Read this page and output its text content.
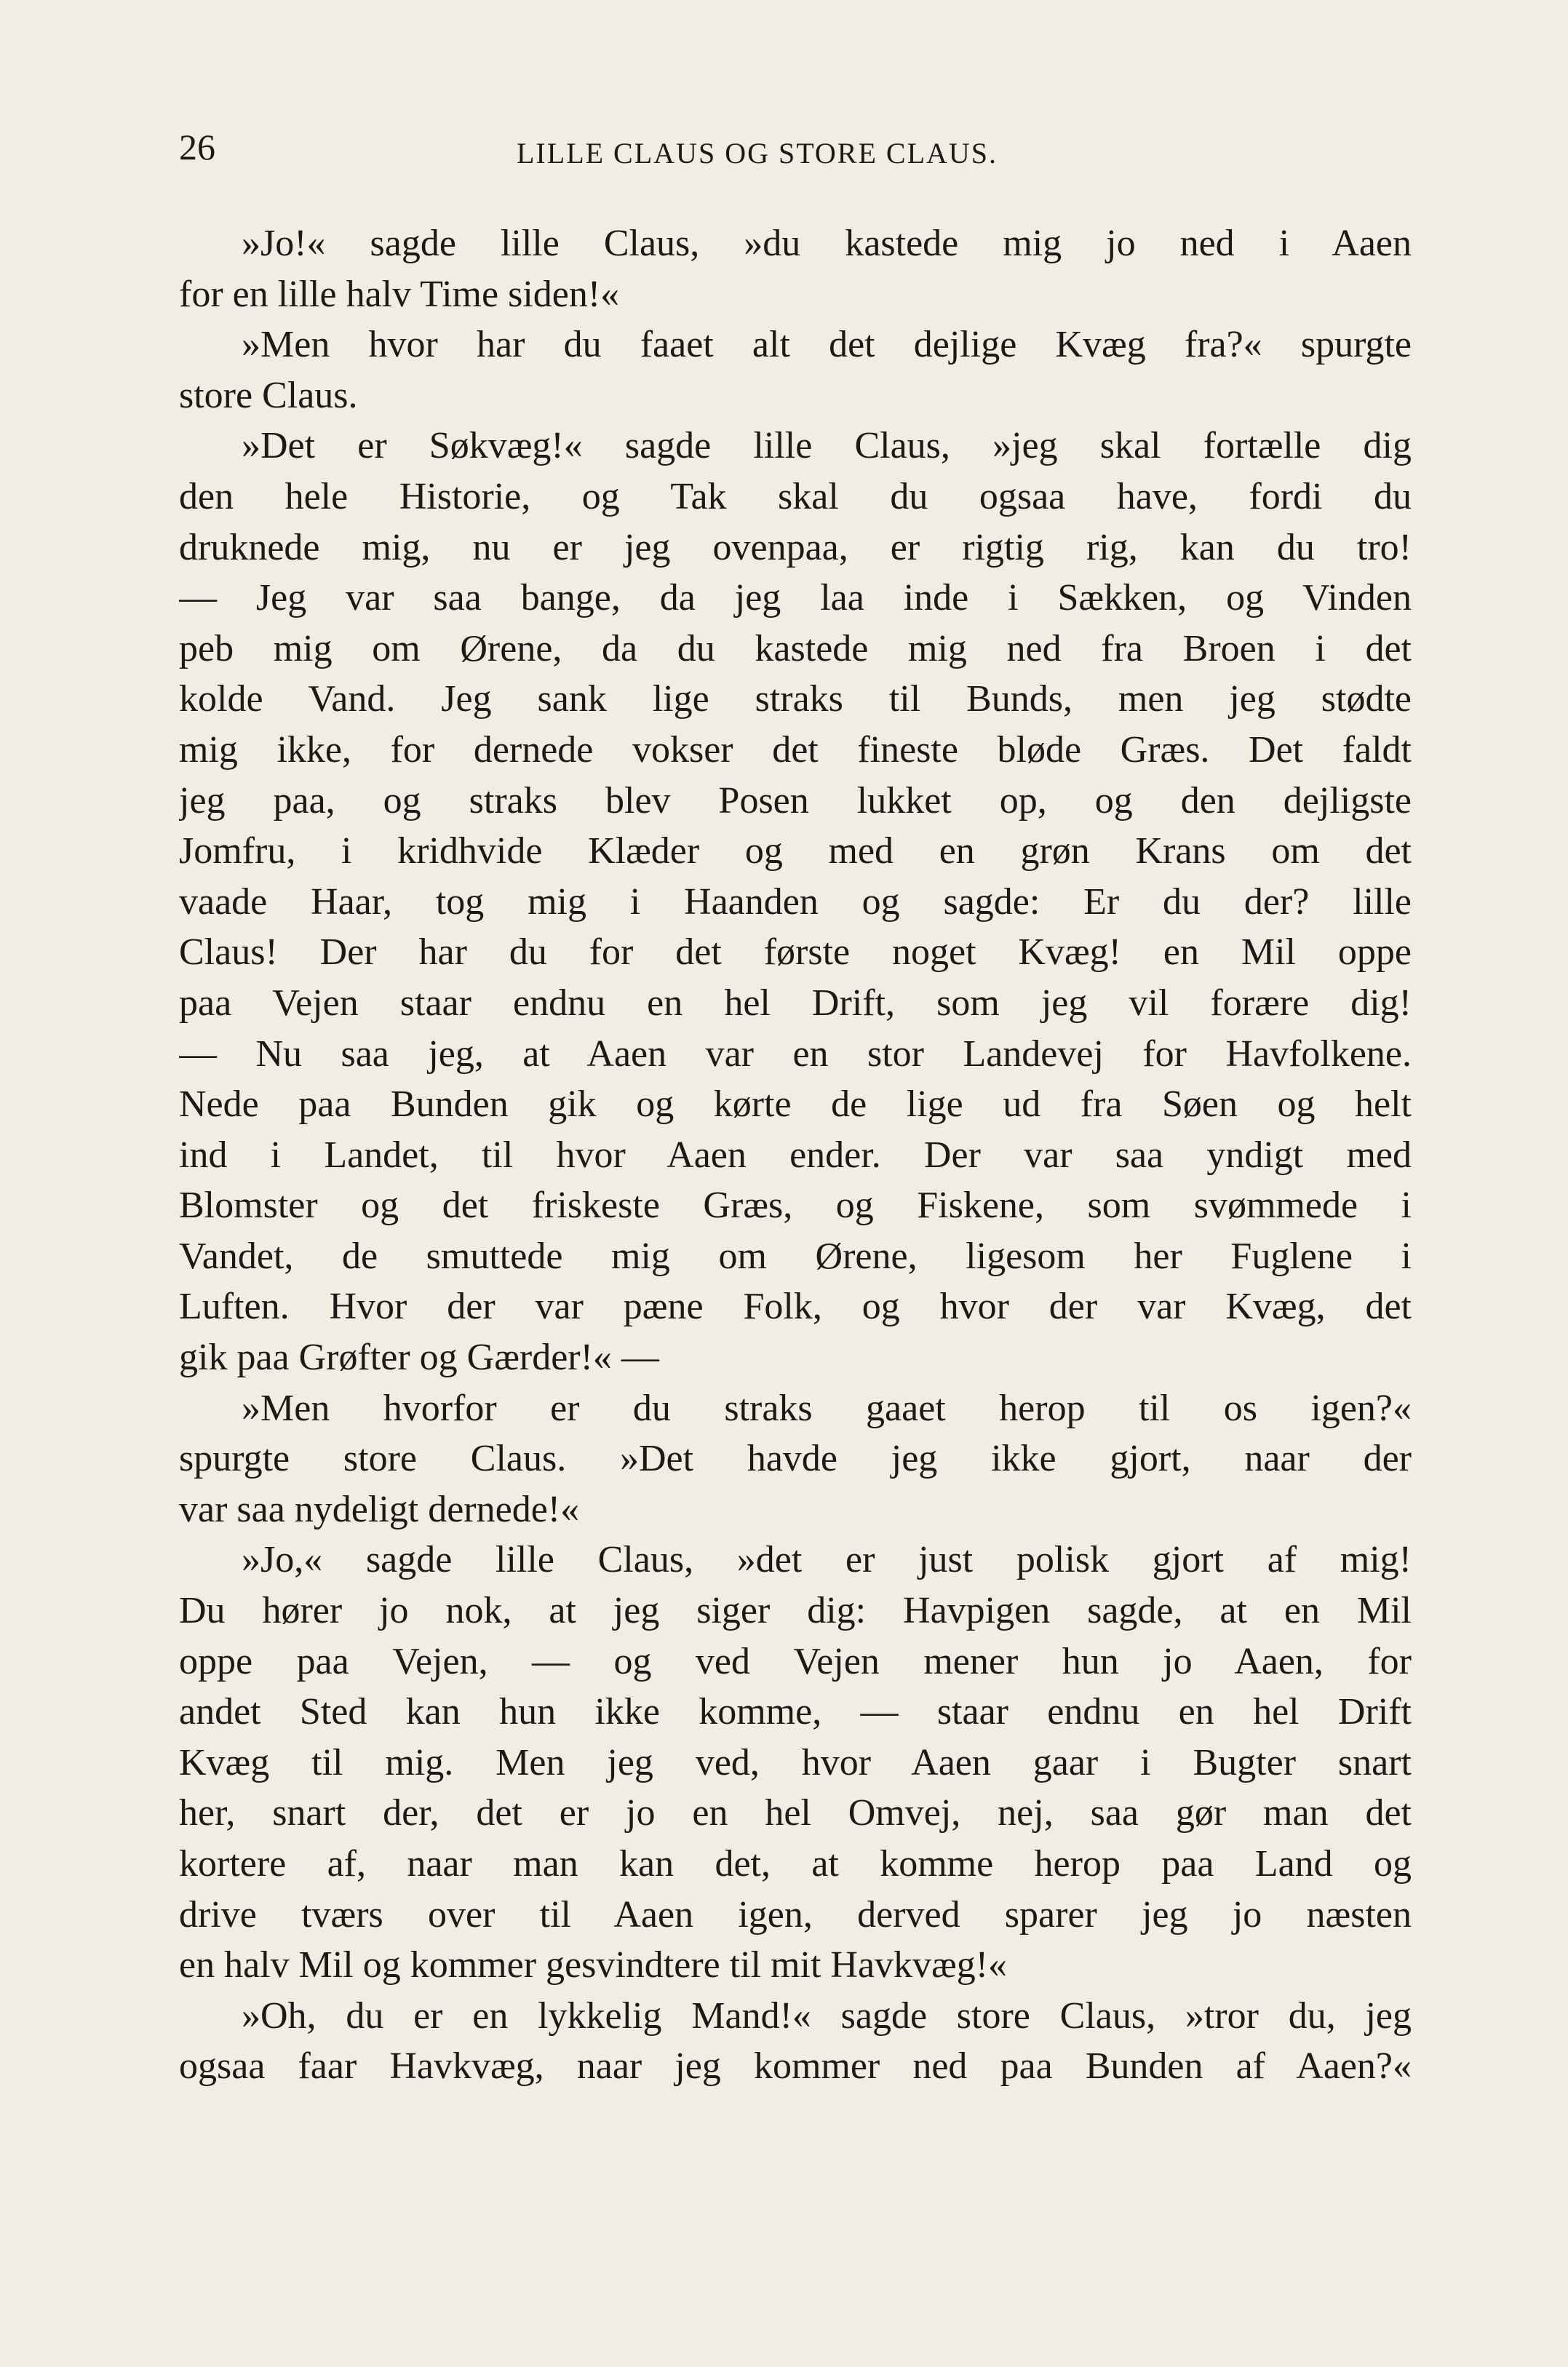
26	LILLE CLAUS OG STORE CLAUS.
»Jo!« sagde lille Claus, »du kastede mig jo ned i Aaen
for en lille halv Time siden!«
»Men hvor har du faaet alt det dejlige Kvæg fra?« spurgte
store Claus.
»Det er Søkvæg!« sagde lille Claus, »jeg skal fortælle dig
den hele Historie, og Tak skal du ogsaa have, fordi du
druknede mig, nu er jeg ovenpaa, er rigtig rig, kan du tro!
— Jeg var saa bange, da jeg laa inde i Sækken, og Vinden
peb mig om Ørene, da du kastede mig ned fra Broen i det
kolde Vand. Jeg sank lige straks til Bunds, men jeg stødte
mig ikke, for dernede vokser det fineste bløde Græs. Det faldt
jeg paa, og straks blev Posen lukket op, og den dejligste
Jomfru, i kridhvide Klæder og med en grøn Krans om det
vaade Haar, tog mig i Haanden og sagde: Er du der? lille
Claus! Der har du for det første noget Kvæg! en Mil oppe
paa Vejen staar endnu en hel Drift, som jeg vil forære dig!
— Nu saa jeg, at Aaen var en stor Landevej for Havfolkene.
Nede paa Bunden gik og kørte de lige ud fra Søen og helt
ind i Landet, til hvor Aaen ender. Der var saa yndigt med
Blomster og det friskeste Græs, og Fiskene, som svømmede i
Vandet, de smuttede mig om Ørene, ligesom her Fuglene i
Luften. Hvor der var pæne Folk, og hvor der var Kvæg, det
gik paa Grøfter og Gærder!« —
»Men hvorfor er du straks gaaet herop til os igen?«
spurgte store Claus. »Det havde jeg ikke gjort, naar der
var saa nydeligt dernede!«
»Jo,« sagde lille Claus, »det er just polisk gjort af mig!
Du hører jo nok, at jeg siger dig: Havpigen sagde, at en Mil
oppe paa Vejen, — og ved Vejen mener hun jo Aaen, for
andet Sted kan hun ikke komme, — staar endnu en hel Drift
Kvæg til mig. Men jeg ved, hvor Aaen gaar i Bugter snart
her, snart der, det er jo en hel Omvej, nej, saa gør man det
kortere af, naar man kan det, at komme herop paa Land og
drive tværs over til Aaen igen, derved sparer jeg jo næsten
en halv Mil og kommer gesvindtere til mit Havkvæg!«
»Oh, du er en lykkelig Mand!« sagde store Claus, »tror du, jeg
ogsaa faar Havkvæg, naar jeg kommer ned paa Bunden af Aaen?«
